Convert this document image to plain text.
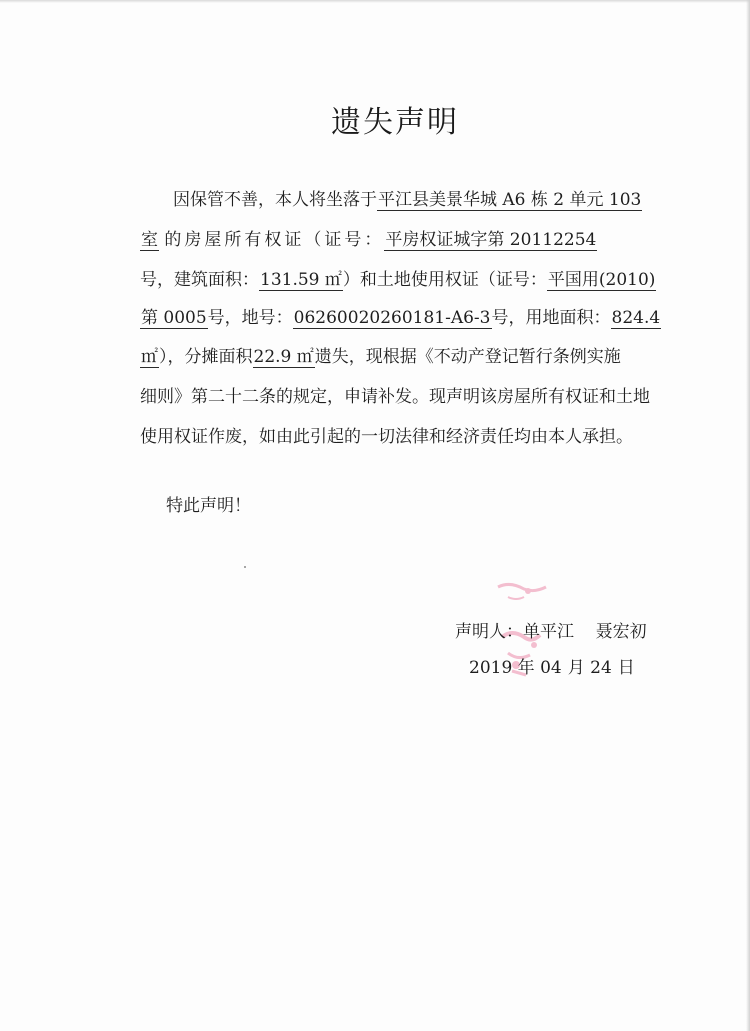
遗失声明
因保管不善，本人将坐落于平江县美景华城 A6 栋 2 单元 103
室 的房屋所有权证（证号：平房权证城字第 20112254
号，建筑面积：131.59 ㎡）和土地使用权证（证号：平国用(2010)
第 0005号，地号：06260020260181-A6-3号，用地面积：824.4
㎡），分摊面积22.9 ㎡遗失，现根据《不动产登记暂行条例实施
细则》第二十二条的规定，申请补发。现声明该房屋所有权证和土地
使用权证作废，如由此引起的一切法律和经济责任均由本人承担。
特此声明！
声明人：单平江    聂宏初
2019 年 04 月 24 日
